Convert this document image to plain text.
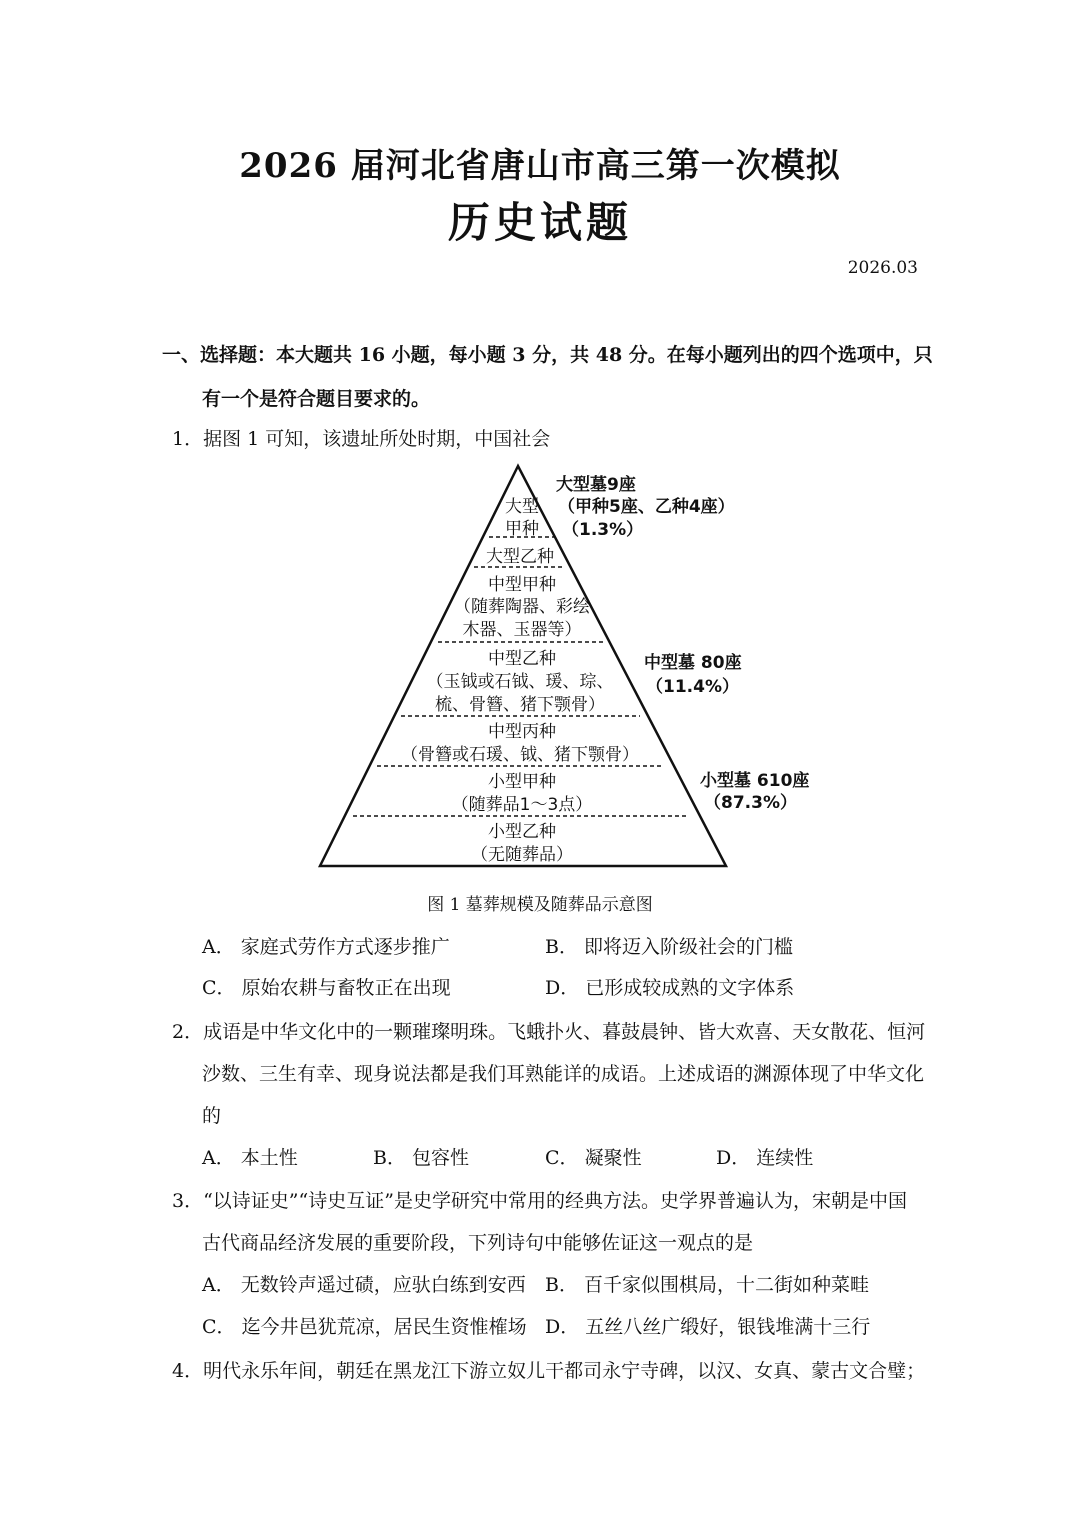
2026 届河北省唐山市高三第一次模拟
历史试题
2026.03
一、选择题：本大题共 16 小题，每小题 3 分，共 48 分。在每小题列出的四个选项中，只
有一个是符合题目要求的。
1．据图 1 可知，该遗址所处时期，中国社会
大型
甲种
大型乙种
中型甲种
（随葬陶器、彩绘
木器、玉器等）
中型乙种
（玉钺或石钺、瑗、琮、
梳、骨簪、猪下颚骨）
中型丙种
（骨簪或石瑗、钺、猪下颚骨）
小型甲种
（随葬品1～3点）
小型乙种
（无随葬品）
大型墓9座
（甲种5座、乙种4座）
（1.3%）
中型墓 80座
（11.4%）
小型墓 610座
（87.3%）
图 1 墓葬规模及随葬品示意图
A． 家庭式劳作方式逐步推广	B． 即将迈入阶级社会的门槛
C． 原始农耕与畜牧正在出现	D． 已形成较成熟的文字体系
2．成语是中华文化中的一颗璀璨明珠。飞蛾扑火、暮鼓晨钟、皆大欢喜、天女散花、恒河
沙数、三生有幸、现身说法都是我们耳熟能详的成语。上述成语的渊源体现了中华文化
的
A． 本土性	B． 包容性	C． 凝聚性	D． 连续性
3．“以诗证史”“诗史互证”是史学研究中常用的经典方法。史学界普遍认为，宋朝是中国
古代商品经济发展的重要阶段，下列诗句中能够佐证这一观点的是
A． 无数铃声遥过碛，应驮白练到安西 B． 百千家似围棋局，十二街如种菜畦
C． 迄今井邑犹荒凉，居民生资惟榷场 D． 五丝八丝广缎好，银钱堆满十三行
4．明代永乐年间，朝廷在黑龙江下游立奴儿干都司永宁寺碑，以汉、女真、蒙古文合璧；
